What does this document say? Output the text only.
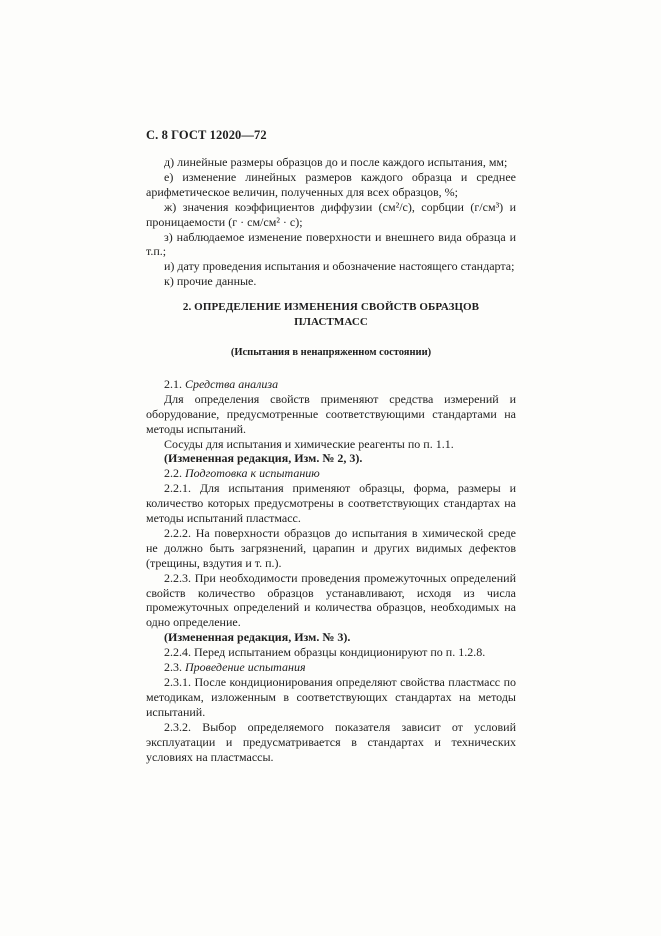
С. 8 ГОСТ 12020—72

д) линейные размеры образцов до и после каждого испытания, мм;

е) изменение линейных размеров каждого образца и среднее арифметическое величин, полученных для всех образцов, %;

ж) значения коэффициентов диффузии (см²/с), сорбции (г/см³) и проницаемости (г · см/см² · с);

з) наблюдаемое изменение поверхности и внешнего вида образца и т.п.;

и) дату проведения испытания и обозначение настоящего стандарта;

к) прочие данные.

2. ОПРЕДЕЛЕНИЕ ИЗМЕНЕНИЯ СВОЙСТВ ОБРАЗЦОВ ПЛАСТМАСС

(Испытания в ненапряженном состоянии)

2.1. Средства анализа

Для определения свойств применяют средства измерений и оборудование, предусмотренные соответствующими стандартами на методы испытаний.

Сосуды для испытания и химические реагенты по п. 1.1.

(Измененная редакция, Изм. № 2, 3).

2.2. Подготовка к испытанию

2.2.1. Для испытания применяют образцы, форма, размеры и количество которых предусмотрены в соответствующих стандартах на методы испытаний пластмасс.

2.2.2. На поверхности образцов до испытания в химической среде не должно быть загрязнений, царапин и других видимых дефектов (трещины, вздутия и т. п.).

2.2.3. При необходимости проведения промежуточных определений свойств количество образцов устанавливают, исходя из числа промежуточных определений и количества образцов, необходимых на одно определение.

(Измененная редакция, Изм. № 3).

2.2.4. Перед испытанием образцы кондиционируют по п. 1.2.8.

2.3. Проведение испытания

2.3.1. После кондиционирования определяют свойства пластмасс по методикам, изложенным в соответствующих стандартах на методы испытаний.

2.3.2. Выбор определяемого показателя зависит от условий эксплуатации и предусматривается в стандартах и технических условиях на пластмассы.
